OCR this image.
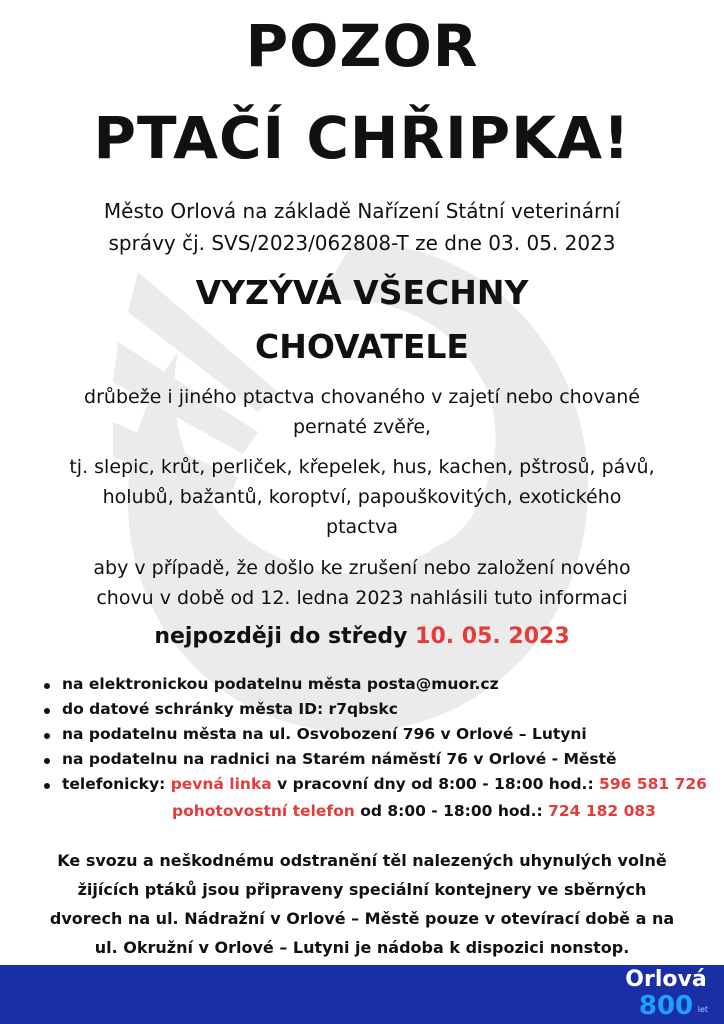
POZOR
PTAČÍ CHŘIPKA!
Město Orlová na základě Nařízení Státní veterinární
správy čj. SVS/2023/062808-T ze dne 03. 05. 2023
VYZÝVÁ VŠECHNY
CHOVATELE
drůbeže i jiného ptactva chovaného v zajetí nebo chované
pernaté zvěře,
tj. slepic, krůt, perliček, křepelek, hus, kachen, pštrosů, pávů,
holubů, bažantů, koroptví, papouškovitých, exotického
ptactva
aby v případě, že došlo ke zrušení nebo založení nového
chovu v době od 12. ledna 2023 nahlásili tuto informaci
nejpozději do středy 10. 05. 2023
na elektronickou podatelnu města posta@muor.cz
do datové schránky města ID: r7qbskc
na podatelnu města na ul. Osvobození 796 v Orlové – Lutyni
na podatelnu na radnici na Starém náměstí 76 v Orlové - Městě
telefonicky: pevná linka v pracovní dny od 8:00 - 18:00 hod.: 596 581 726
pohotovostní telefon od 8:00 - 18:00 hod.: 724 182 083
Ke svozu a neškodnému odstranění těl nalezených uhynulých volně
žijících ptáků jsou připraveny speciální kontejnery ve sběrných
dvorech na ul. Nádražní v Orlové – Městě pouze v otevírací době a na
ul. Okružní v Orlové – Lutyni je nádoba k dispozici nonstop.
Orlová
800 let
